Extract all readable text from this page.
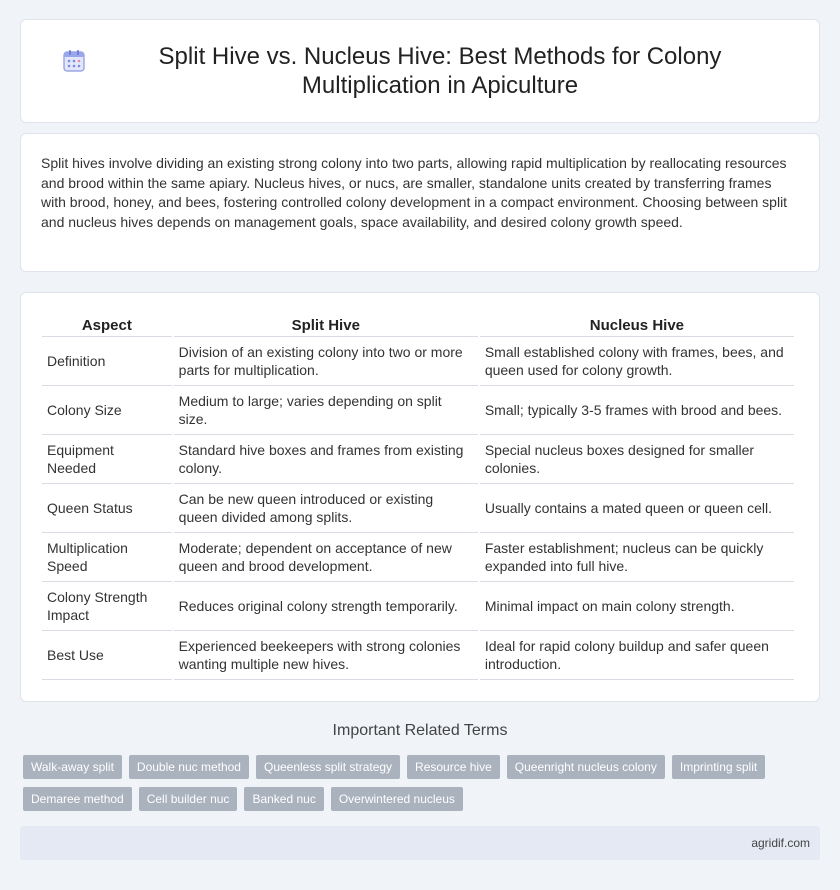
Split Hive vs. Nucleus Hive: Best Methods for Colony Multiplication in Apiculture

Split hives involve dividing an existing strong colony into two parts, allowing rapid multiplication by reallocating resources and brood within the same apiary. Nucleus hives, or nucs, are smaller, standalone units created by transferring frames with brood, honey, and bees, fostering controlled colony development in a compact environment. Choosing between split and nucleus hives depends on management goals, space availability, and desired colony growth speed.

Aspect	Split Hive	Nucleus Hive
Definition	Division of an existing colony into two or more parts for multiplication.	Small established colony with frames, bees, and queen used for colony growth.
Colony Size	Medium to large; varies depending on split size.	Small; typically 3-5 frames with brood and bees.
Equipment Needed	Standard hive boxes and frames from existing colony.	Special nucleus boxes designed for smaller colonies.
Queen Status	Can be new queen introduced or existing queen divided among splits.	Usually contains a mated queen or queen cell.
Multiplication Speed	Moderate; dependent on acceptance of new queen and brood development.	Faster establishment; nucleus can be quickly expanded into full hive.
Colony Strength Impact	Reduces original colony strength temporarily.	Minimal impact on main colony strength.
Best Use	Experienced beekeepers with strong colonies wanting multiple new hives.	Ideal for rapid colony buildup and safer queen introduction.
Important Related Terms
Walk-away split	Double nuc method	Queenless split strategy	Resource hive	Queenright nucleus colony	Imprinting split
Demaree method	Cell builder nuc	Banked nuc	Overwintered nucleus
agridif.com
